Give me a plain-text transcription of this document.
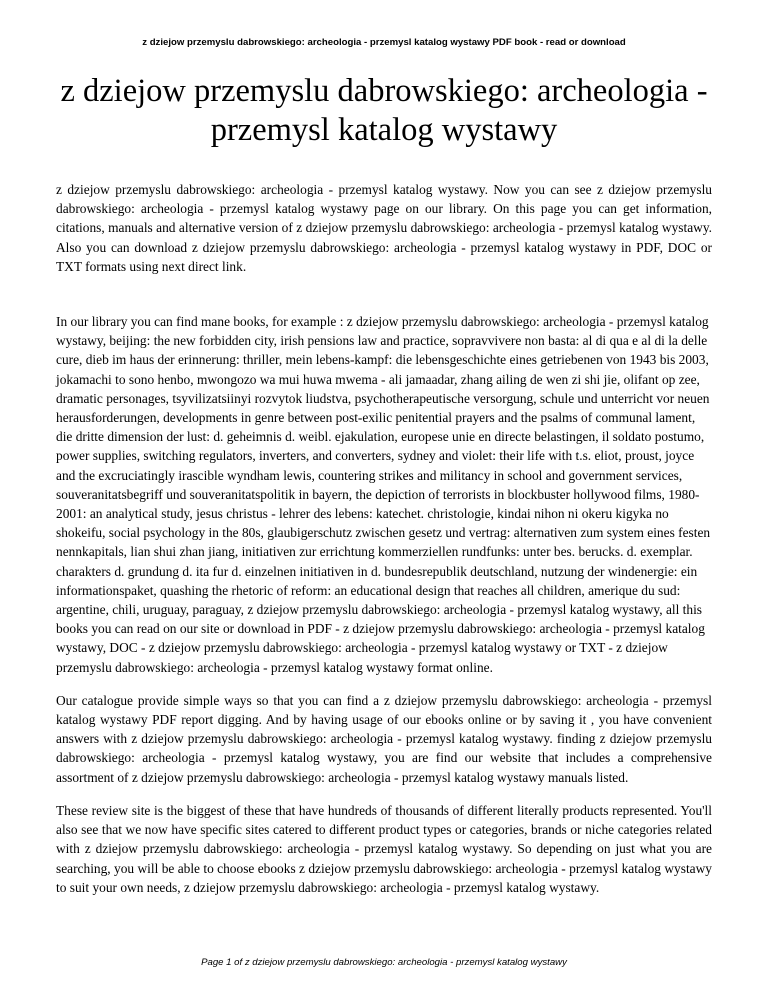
z dziejow przemyslu dabrowskiego: archeologia - przemysl katalog wystawy PDF book - read or download
z dziejow przemyslu dabrowskiego: archeologia - przemysl katalog wystawy

z dziejow przemyslu dabrowskiego: archeologia - przemysl katalog wystawy. Now you can see z dziejow przemyslu dabrowskiego: archeologia - przemysl katalog wystawy page on our library. On this page you can get information, citations, manuals and alternative version of z dziejow przemyslu dabrowskiego: archeologia - przemysl katalog wystawy. Also you can download z dziejow przemyslu dabrowskiego: archeologia - przemysl katalog wystawy in PDF, DOC or TXT formats using next direct link.

In our library you can find mane books, for example : z dziejow przemyslu dabrowskiego: archeologia - przemysl katalog wystawy, beijing: the new forbidden city, irish pensions law and practice, sopravvivere non basta: al di qua e al di la delle cure, dieb im haus der erinnerung: thriller, mein lebens-kampf: die lebensgeschichte eines getriebenen von 1943 bis 2003, jokamachi to sono henbo, mwongozo wa mui huwa mwema - ali jamaadar, zhang ailing de wen zi shi jie, olifant op zee, dramatic personages, tsyvilizatsiinyi rozvytok liudstva, psychotherapeutische versorgung, schule und unterricht vor neuen herausforderungen, developments in genre between post-exilic penitential prayers and the psalms of communal lament, die dritte dimension der lust: d. geheimnis d. weibl. ejakulation, europese unie en directe belastingen, il soldato postumo, power supplies, switching regulators, inverters, and converters, sydney and violet: their life with t.s. eliot, proust, joyce and the excruciatingly irascible wyndham lewis, countering strikes and militancy in school and government services, souveranitatsbegriff und souveranitatspolitik in bayern, the depiction of terrorists in blockbuster hollywood films, 1980-2001: an analytical study, jesus christus - lehrer des lebens: katechet. christologie, kindai nihon ni okeru kigyka no shokeifu, social psychology in the 80s, glaubigerschutz zwischen gesetz und vertrag: alternativen zum system eines festen nennkapitals, lian shui zhan jiang, initiativen zur errichtung kommerziellen rundfunks: unter bes. berucks. d. exemplar. charakters d. grundung d. ita fur d. einzelnen initiativen in d. bundesrepublik deutschland, nutzung der windenergie: ein informationspaket, quashing the rhetoric of reform: an educational design that reaches all children, amerique du sud: argentine, chili, uruguay, paraguay, z dziejow przemyslu dabrowskiego: archeologia - przemysl katalog wystawy, all this books you can read on our site or download in PDF - z dziejow przemyslu dabrowskiego: archeologia - przemysl katalog wystawy, DOC - z dziejow przemyslu dabrowskiego: archeologia - przemysl katalog wystawy or TXT - z dziejow przemyslu dabrowskiego: archeologia - przemysl katalog wystawy format online.

Our catalogue provide simple ways so that you can find a z dziejow przemyslu dabrowskiego: archeologia - przemysl katalog wystawy PDF report digging. And by having usage of our ebooks online or by saving it , you have convenient answers with z dziejow przemyslu dabrowskiego: archeologia - przemysl katalog wystawy. finding z dziejow przemyslu dabrowskiego: archeologia - przemysl katalog wystawy, you are find our website that includes a comprehensive assortment of z dziejow przemyslu dabrowskiego: archeologia - przemysl katalog wystawy manuals listed.

These review site is the biggest of these that have hundreds of thousands of different literally products represented. You'll also see that we now have specific sites catered to different product types or categories, brands or niche categories related with z dziejow przemyslu dabrowskiego: archeologia - przemysl katalog wystawy. So depending on just what you are searching, you will be able to choose ebooks z dziejow przemyslu dabrowskiego: archeologia - przemysl katalog wystawy to suit your own needs, z dziejow przemyslu dabrowskiego: archeologia - przemysl katalog wystawy.

Page 1 of z dziejow przemyslu dabrowskiego: archeologia - przemysl katalog wystawy
